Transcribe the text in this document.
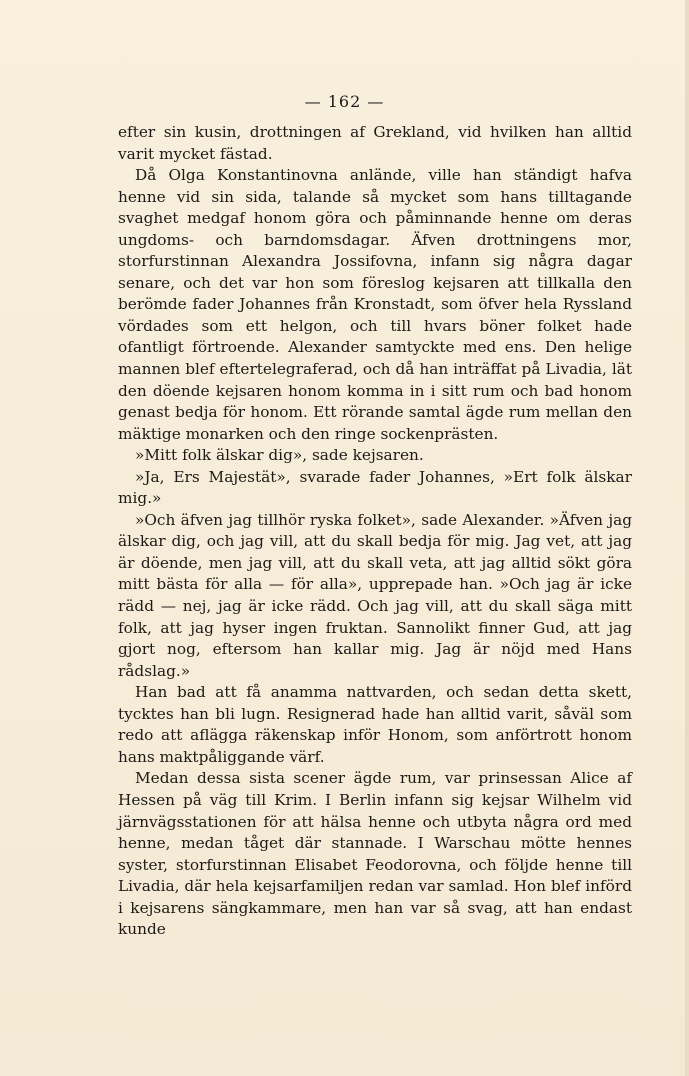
— 162 —

efter sin kusin, drottningen af Grekland, vid hvilken han alltid varit mycket fästad.

Då Olga Konstantinovna anlände, ville han ständigt hafva henne vid sin sida, talande så mycket som hans tilltagande svaghet medgaf honom göra och påminnande henne om deras ungdoms- och barndomsdagar. Äfven drottningens mor, storfurstinnan Alexandra Jossifovna, infann sig några dagar senare, och det var hon som föreslog kejsaren att tillkalla den berömde fader Johannes från Kronstadt, som öfver hela Ryssland vördades som ett helgon, och till hvars böner folket hade ofantligt förtroende. Alexander samtyckte med ens. Den helige mannen blef eftertelegraferad, och då han inträffat på Livadia, lät den döende kejsaren honom komma in i sitt rum och bad honom genast bedja för honom. Ett rörande samtal ägde rum mellan den mäktige monarken och den ringe sockenprästen.

»Mitt folk älskar dig», sade kejsaren.

»Ja, Ers Majestät», svarade fader Johannes, »Ert folk älskar mig.»

»Och äfven jag tillhör ryska folket», sade Alexander. »Äfven jag älskar dig, och jag vill, att du skall bedja för mig. Jag vet, att jag är döende, men jag vill, att du skall veta, att jag alltid sökt göra mitt bästa för alla — för alla», upprepade han. »Och jag är icke rädd — nej, jag är icke rädd. Och jag vill, att du skall säga mitt folk, att jag hyser ingen fruktan. Sannolikt finner Gud, att jag gjort nog, eftersom han kallar mig. Jag är nöjd med Hans rådslag.»

Han bad att få anamma nattvarden, och sedan detta skett, tycktes han bli lugn. Resignerad hade han alltid varit, såväl som redo att aflägga räkenskap inför Honom, som anförtrott honom hans maktpåliggande värf.

Medan dessa sista scener ägde rum, var prinsessan Alice af Hessen på väg till Krim. I Berlin infann sig kejsar Wilhelm vid järnvägsstationen för att hälsa henne och utbyta några ord med henne, medan tåget där stannade. I Warschau mötte hennes syster, storfurstinnan Elisabet Feodorovna, och följde henne till Livadia, där hela kejsarfamiljen redan var samlad. Hon blef införd i kejsarens sängkammare, men han var så svag, att han endast kunde
